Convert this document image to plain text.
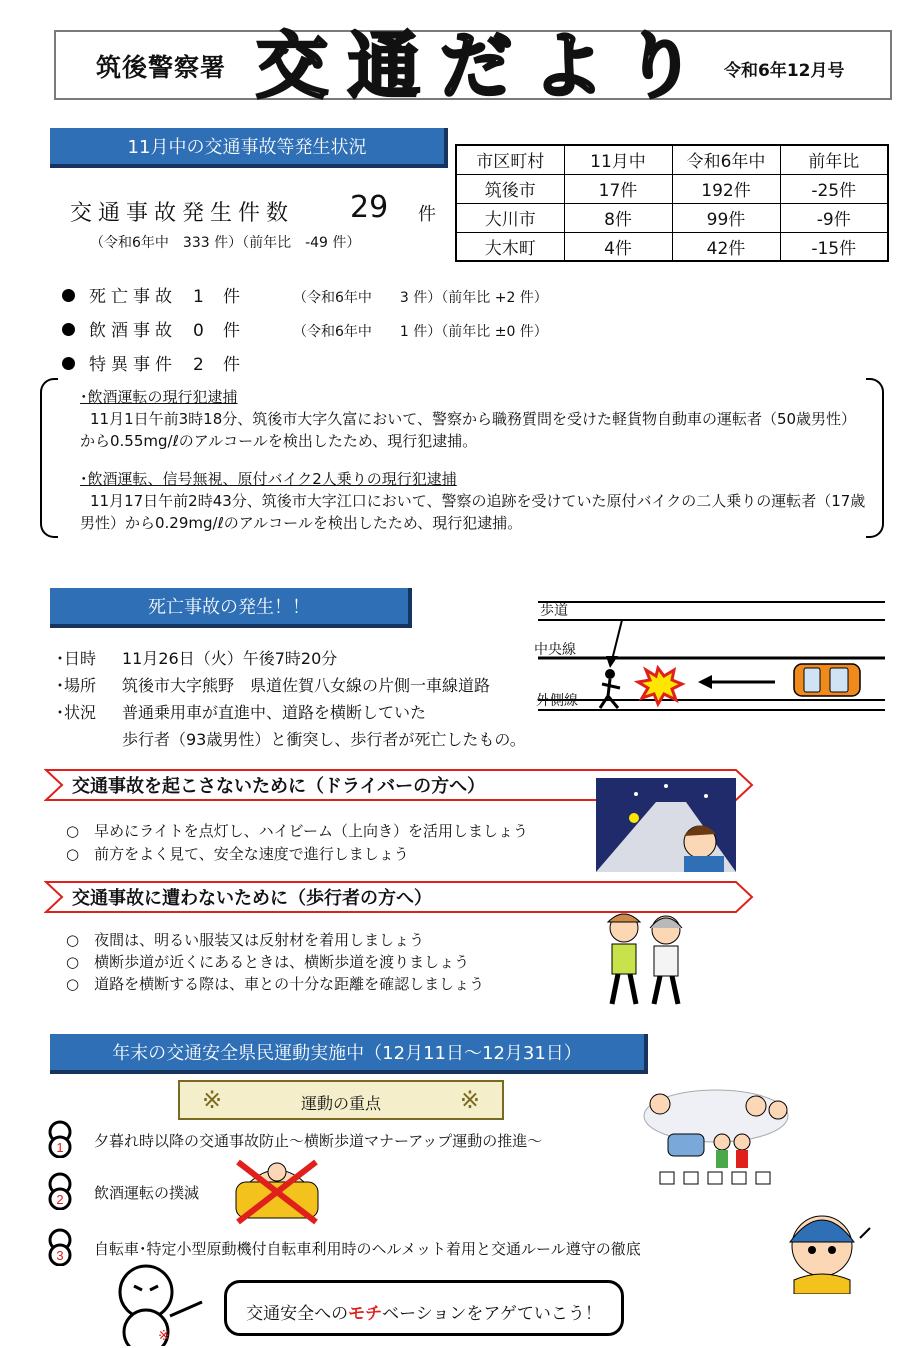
筑後警察署 交通だより 令和6年12月号
11月中の交通事故等発生状況
市区町村	11月中	令和6年中	前年比
筑後市	17件	192件	-25件
大川市	8件	99件	-9件
大木町	4件	42件	-15件
交通事故発生件数 29 件
（令和6年中　333 件）（前年比　-49 件）
死亡事故 1 件	（令和6年中　　3 件）（前年比 +2 件）
飲酒事故 0 件	（令和6年中　　1 件）（前年比 ±0 件）
特異事件 2 件
･飲酒運転の現行犯逮捕
11月1日午前3時18分、筑後市大字久富において、警察から職務質問を受けた軽貨物自動車の運転者（50歳男性）から0.55mg/ℓのアルコールを検出したため、現行犯逮捕。
･飲酒運転、信号無視、原付バイク2人乗りの現行犯逮捕
11月17日午前2時43分、筑後市大字江口において、警察の追跡を受けていた原付バイクの二人乗りの運転者（17歳男性）から0.29mg/ℓのアルコールを検出したため、現行犯逮捕。
死亡事故の発生！！
･日時 11月26日（火）午後7時20分
･場所 筑後市大字熊野　県道佐賀八女線の片側一車線道路
･状況 普通乗用車が直進中、道路を横断していた
歩行者（93歳男性）と衝突し、歩行者が死亡したもの。
歩道
中央線
外側線
交通事故を起こさないために（ドライバーの方へ）
○　早めにライトを点灯し、ハイビーム（上向き）を活用しましょう
○　前方をよく見て、安全な速度で進行しましょう
交通事故に遭わないために（歩行者の方へ）
○　夜間は、明るい服装又は反射材を着用しましょう
○　横断歩道が近くにあるときは、横断歩道を渡りましょう
○　道路を横断する際は、車との十分な距離を確認しましょう
年末の交通安全県民運動実施中（12月11日～12月31日）
※	運動の重点	※
1 夕暮れ時以降の交通事故防止～横断歩道マナーアップ運動の推進～
2 飲酒運転の撲滅
3 自転車･特定小型原動機付自転車利用時のヘルメット着用と交通ルール遵守の徹底
※
交通安全へのモチベーションをアゲていこう！
